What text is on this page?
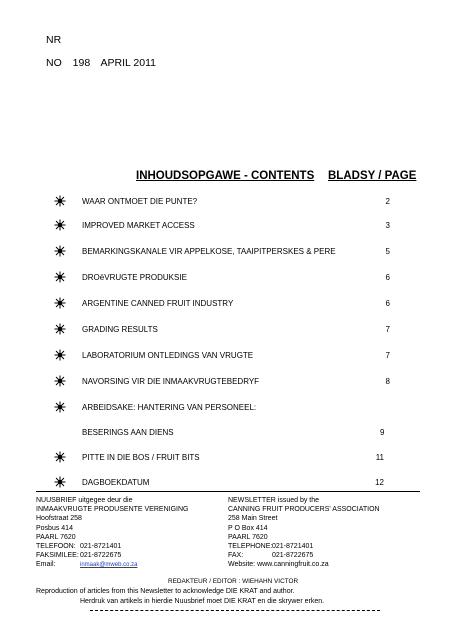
NR
NO 198 APRIL 2011
INHOUDSOPGAWE - CONTENTS BLADSY / PAGE
WAAR ONTMOET DIE PUNTE?	2
IMPROVED MARKET ACCESS	3
BEMARKINGSKANALE VIR APPELKOSE, TAAIPITPERSKES & PERE	5
DROëVRUGTE PRODUKSIE	6
ARGENTINE CANNED FRUIT INDUSTRY	6
GRADING RESULTS	7
LABORATORIUM ONTLEDINGS VAN VRUGTE	7
NAVORSING VIR DIE INMAAKVRUGTEBEDRYF	8
ARBEIDSAKE: HANTERING VAN PERSONEEL:
BESERINGS AAN DIENS	9
PITTE IN DIE BOS / FRUIT BITS	11
DAGBOEKDATUM	12
NUUSBRIEF uitgegee deur die
INMAAKVRUGTE PRODUSENTE VERENIGING
Hoofstraat 258
Posbus 414
PAARL 7620
TELEFOON: 021-8721401
FAKSIMILEE:021-8722675
Email:	inmaak@mweb.co.za
NEWSLETTER issued by the
CANNING FRUIT PRODUCERS' ASSOCIATION
258 Main Street
P O Box 414
PAARL 7620
TELEPHONE:021-8721401
FAX:	021-8722675
Website: www.canningfruit.co.za
REDAKTEUR / EDITOR : WIEHAHN VICTOR
Reproduction of articles from this Newsletter to acknowledge DIE KRAT and author.
Herdruk van artikels in hierdie Nuusbrief moet DIE KRAT en die skrywer erken.
